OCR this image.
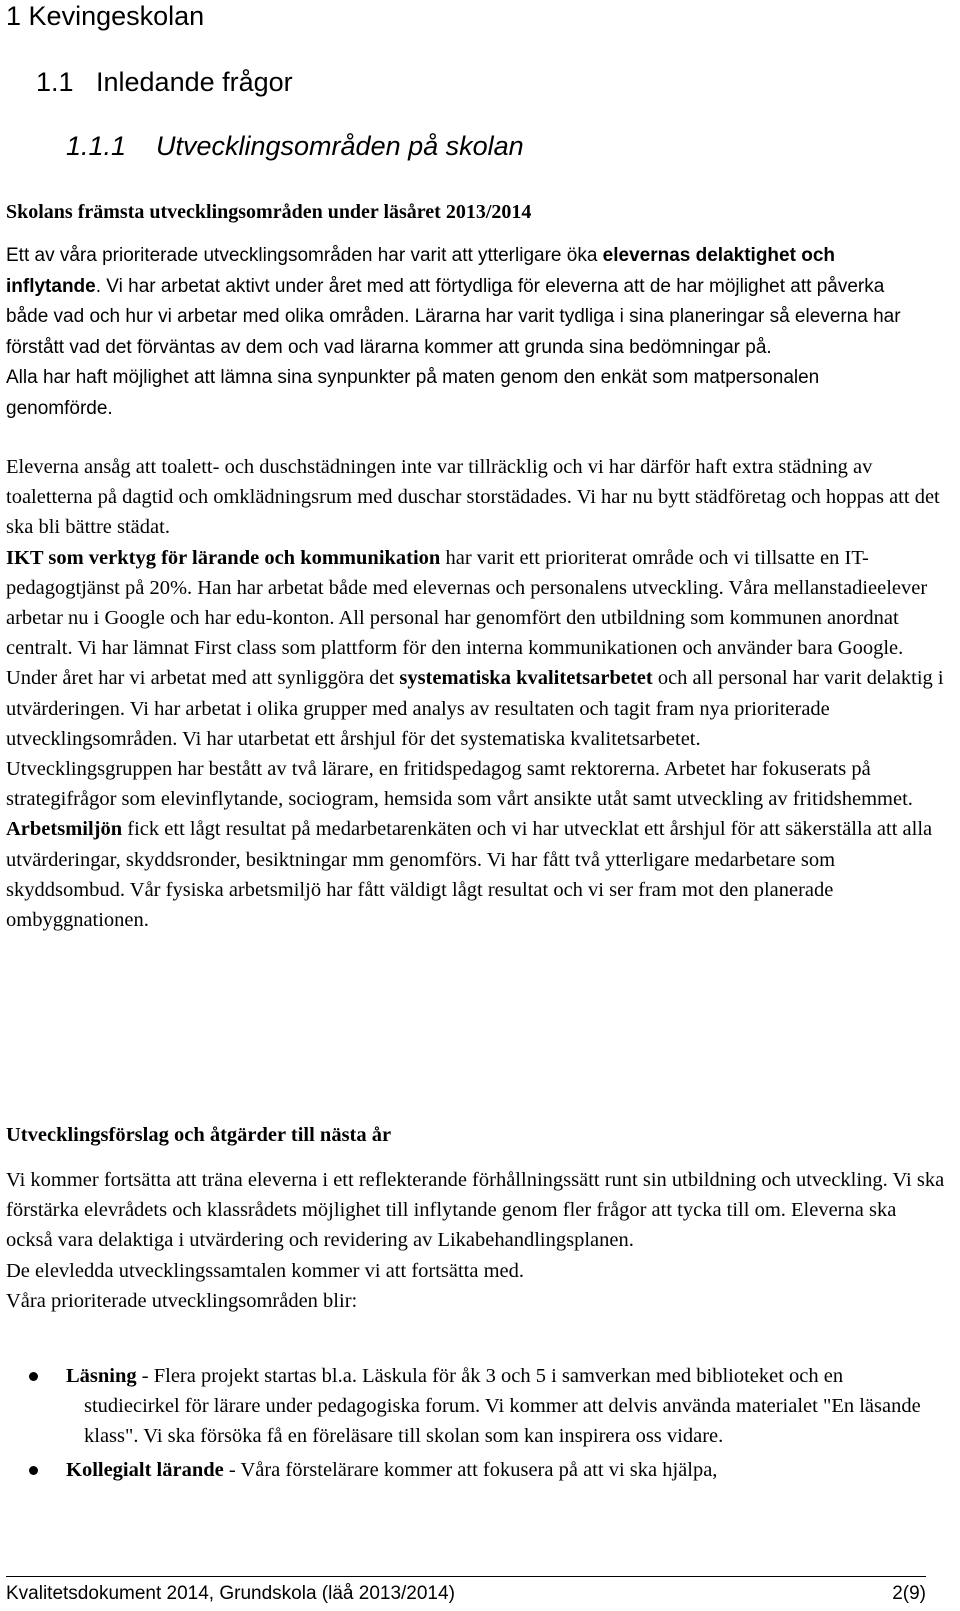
1 Kevingeskolan
1.1 Inledande frågor
1.1.1 Utvecklingsområden på skolan
Skolans främsta utvecklingsområden under läsåret 2013/2014

Ett av våra prioriterade utvecklingsområden har varit att ytterligare öka elevernas delaktighet och inflytande. Vi har arbetat aktivt under året med att förtydliga för eleverna att de har möjlighet att påverka både vad och hur vi arbetar med olika områden. Lärarna har varit tydliga i sina planeringar så eleverna har förstått vad det förväntas av dem och vad lärarna kommer att grunda sina bedömningar på.

Alla har haft möjlighet att lämna sina synpunkter på maten genom den enkät som matpersonalen genomförde.

Eleverna ansåg att toalett- och duschstädningen inte var tillräcklig och vi har därför haft extra städning av toaletterna på dagtid och omklädningsrum med duschar storstädades. Vi har nu bytt städföretag och hoppas att det ska bli bättre städat.

IKT som verktyg för lärande och kommunikation har varit ett prioriterat område och vi tillsatte en IT-pedagogtjänst på 20%. Han har arbetat både med elevernas och personalens utveckling. Våra mellanstadieelever arbetar nu i Google och har edu-konton. All personal har genomfört den utbildning som kommunen anordnat centralt. Vi har lämnat First class som plattform för den interna kommunikationen och använder bara Google.

Under året har vi arbetat med att synliggöra det systematiska kvalitetsarbetet och all personal har varit delaktig i utvärderingen. Vi har arbetat i olika grupper med analys av resultaten och tagit fram nya prioriterade utvecklingsområden. Vi har utarbetat ett årshjul för det systematiska kvalitetsarbetet.

Utvecklingsgruppen har bestått av två lärare, en fritidspedagog samt rektorerna. Arbetet har fokuserats på strategifrågor som elevinflytande, sociogram, hemsida som vårt ansikte utåt samt utveckling av fritidshemmet.

Arbetsmiljön fick ett lågt resultat på medarbetarenkäten och vi har utvecklat ett årshjul för att säkerställa att alla utvärderingar, skyddsronder, besiktningar mm genomförs. Vi har fått två ytterligare medarbetare som skyddsombud. Vår fysiska arbetsmiljö har fått väldigt lågt resultat och vi ser fram mot den planerade ombyggnationen.

Utvecklingsförslag och åtgärder till nästa år

Vi kommer fortsätta att träna eleverna i ett reflekterande förhållningssätt runt sin utbildning och utveckling. Vi ska förstärka elevrådets och klassrådets möjlighet till inflytande genom fler frågor att tycka till om. Eleverna ska också vara delaktiga i utvärdering och revidering av Likabehandlingsplanen.

De elevledda utvecklingssamtalen kommer vi att fortsätta med.

Våra prioriterade utvecklingsområden blir:

Läsning - Flera projekt startas bl.a. Läskula för åk 3 och 5 i samverkan med biblioteket och en studiecirkel för lärare under pedagogiska forum. Vi kommer att delvis använda materialet "En läsande klass". Vi ska försöka få en föreläsare till skolan som kan inspirera oss vidare.
Kollegialt lärande - Våra förstelärare kommer att fokusera på att vi ska hjälpa,
Kvalitetsdokument 2014, Grundskola (läå 2013/2014)	2(9)
